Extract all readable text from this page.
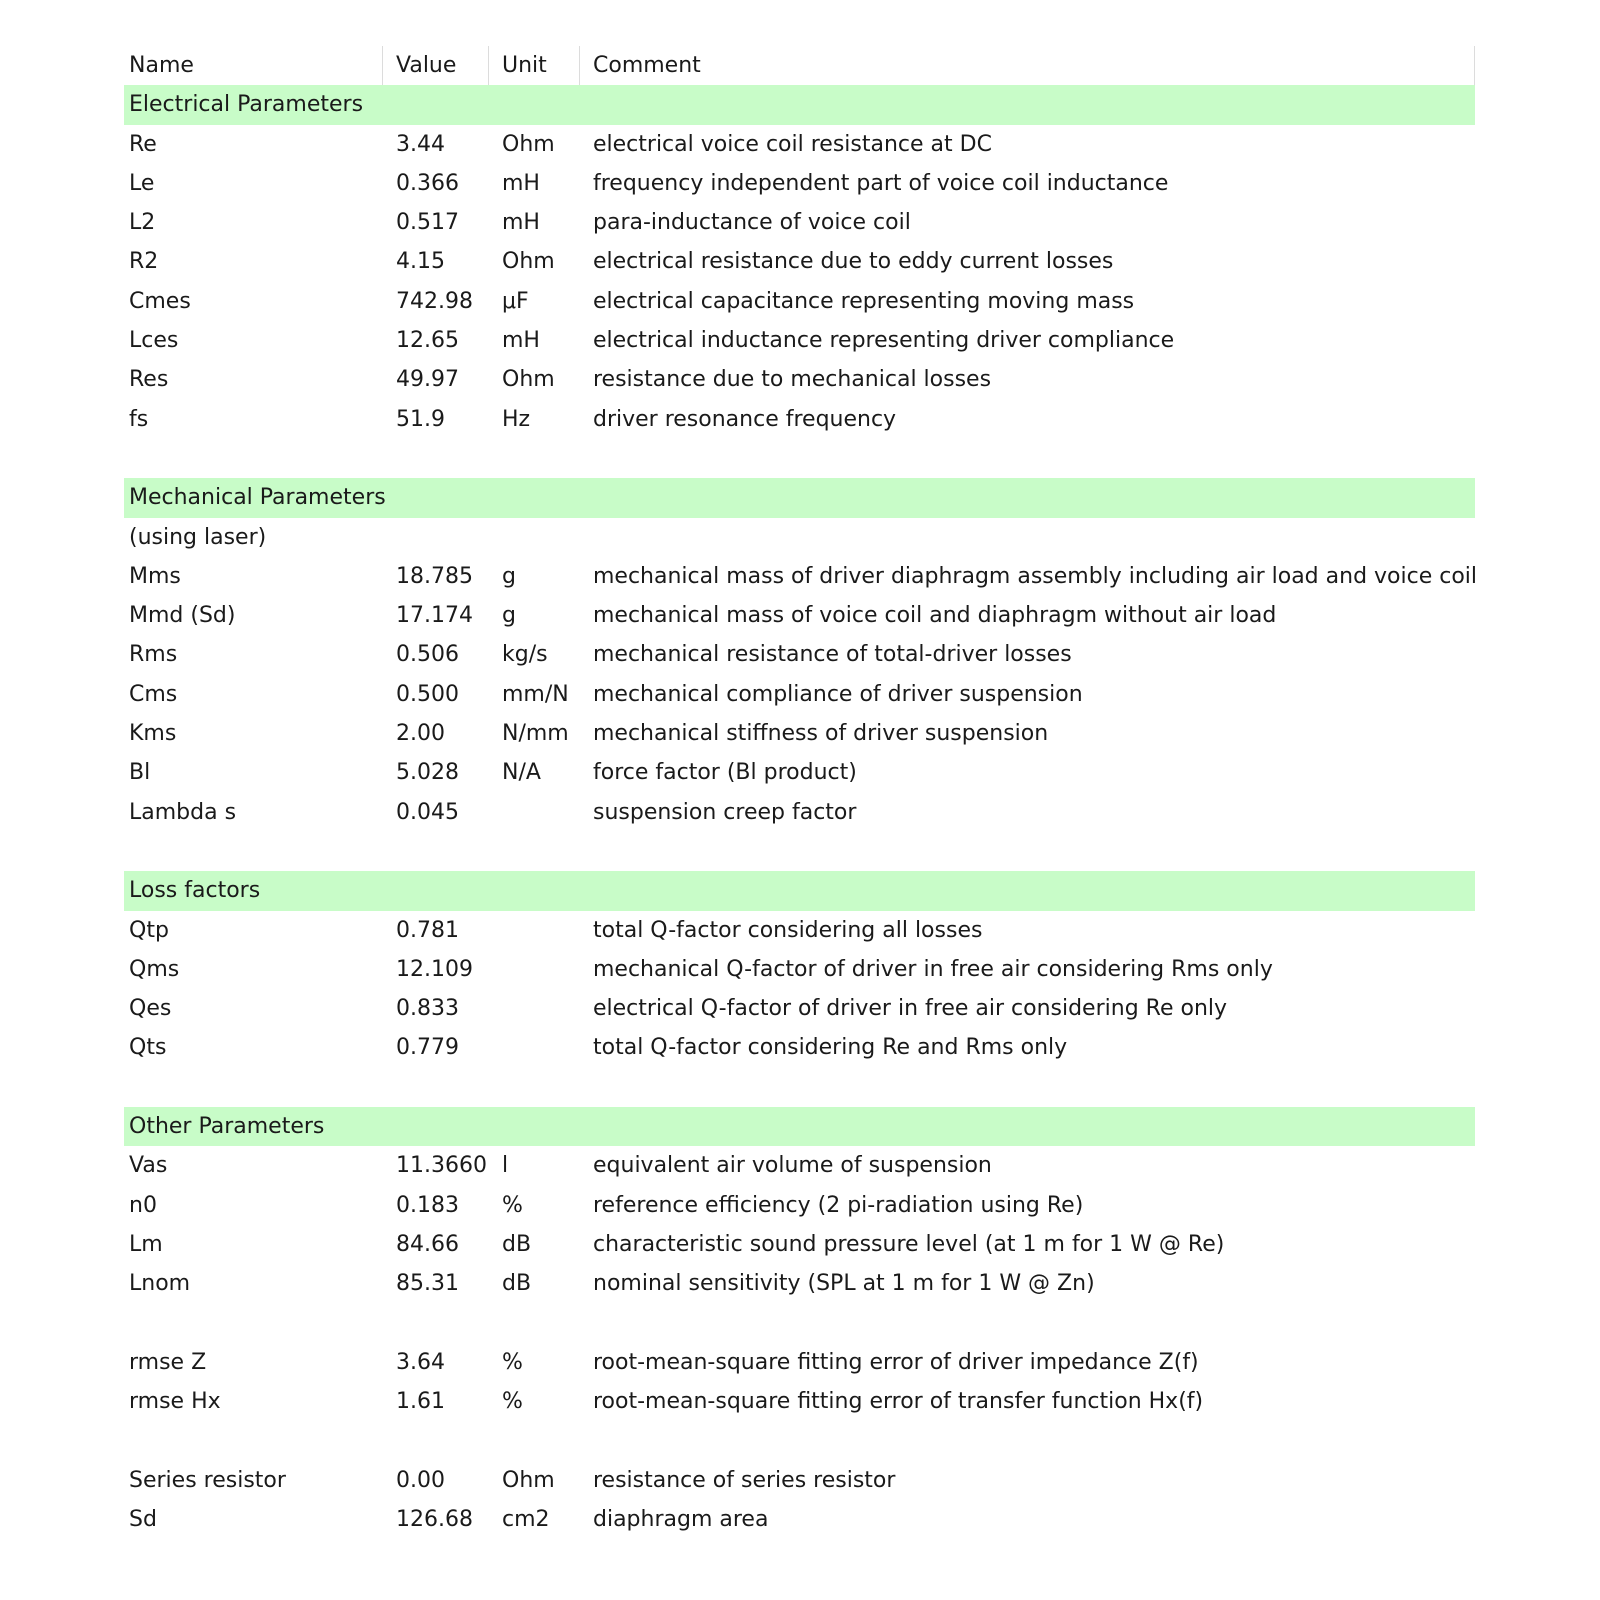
Name	Value Unit Comment
Electrical Parameters
Re	3.44	Ohm electrical voice coil resistance at DC
Le	0.366 mH frequency independent part of voice coil inductance
L2	0.517 mH para-inductance of voice coil
R2	4.15	Ohm electrical resistance due to eddy current losses
Cmes	742.98 μF	electrical capacitance representing moving mass
Lces	12.65 mH electrical inductance representing driver compliance
Res	49.97 Ohm resistance due to mechanical losses
fs	51.9	Hz	driver resonance frequency
Mechanical Parameters
(using laser)
Mms	18.785 g	mechanical mass of driver diaphragm assembly including air load and voice coil
Mmd (Sd)	17.174 g	mechanical mass of voice coil and diaphragm without air load
Rms	0.506 kg/s mechanical resistance of total-driver losses
Cms	0.500 mm/N mechanical compliance of driver suspension
Kms	2.00	N/mm mechanical stiffness of driver suspension
Bl	5.028 N/A force factor (Bl product)
Lambda s	0.045	suspension creep factor
Loss factors
Qtp	0.781	total Q-factor considering all losses
Qms	12.109	mechanical Q-factor of driver in free air considering Rms only
Qes	0.833	electrical Q-factor of driver in free air considering Re only
Qts	0.779	total Q-factor considering Re and Rms only
Other Parameters
Vas	11.3660 l	equivalent air volume of suspension
n0	0.183 %	reference efficiency (2 pi-radiation using Re)
Lm	84.66 dB	characteristic sound pressure level (at 1 m for 1 W @ Re)
Lnom	85.31 dB	nominal sensitivity (SPL at 1 m for 1 W @ Zn)
rmse Z	3.64	%	root-mean-square fitting error of driver impedance Z(f)
rmse Hx	1.61	%	root-mean-square fitting error of transfer function Hx(f)
Series resistor	0.00	Ohm resistance of series resistor
Sd	126.68 cm2 diaphragm area
